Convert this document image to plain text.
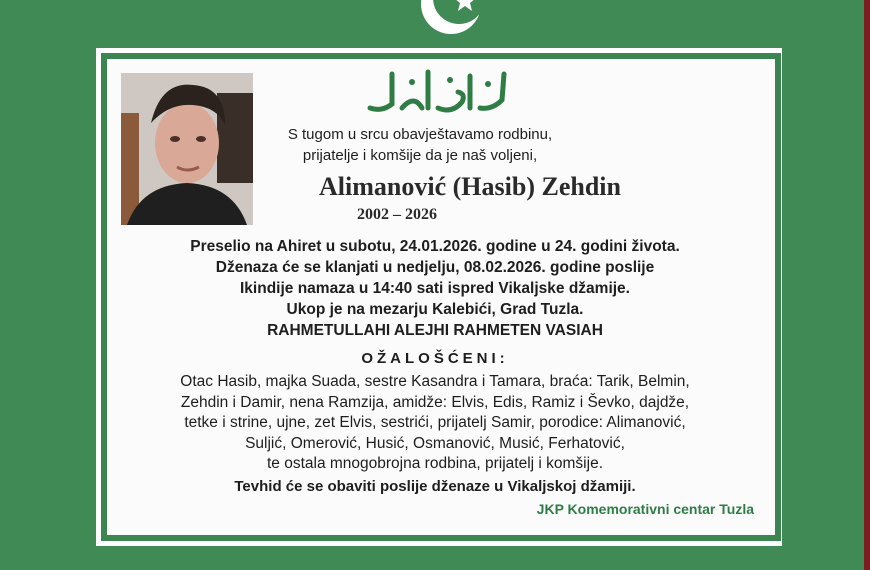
S tugom u srcu obavještavamo rodbinu,
prijatelje i komšije da je naš voljeni,
Alimanović (Hasib) Zehdin
2002 – 2026
Preselio na Ahiret u subotu, 24.01.2026. godine u 24. godini života.
Dženaza će se klanjati u nedjelju, 08.02.2026. godine poslije
Ikindije namaza u 14:40 sati ispred Vikaljske džamije.
Ukop je na mezarju Kalebići, Grad Tuzla.
RAHMETULLAHI ALEJHI RAHMETEN VASIAH
OŽALOŠĆENI:
Otac Hasib, majka Suada, sestre Kasandra i Tamara, braća: Tarik, Belmin,
Zehdin i Damir, nena Ramzija, amidže: Elvis, Edis, Ramiz i Ševko, dajdže,
tetke i strine, ujne, zet Elvis, sestrići, prijatelj Samir, porodice: Alimanović,
Suljić, Omerović, Husić, Osmanović, Musić, Ferhatović,
te ostala mnogobrojna rodbina, prijatelj i komšije.
Tevhid će se obaviti poslije dženaze u Vikaljskoj džamiji.
JKP Komemorativni centar Tuzla
